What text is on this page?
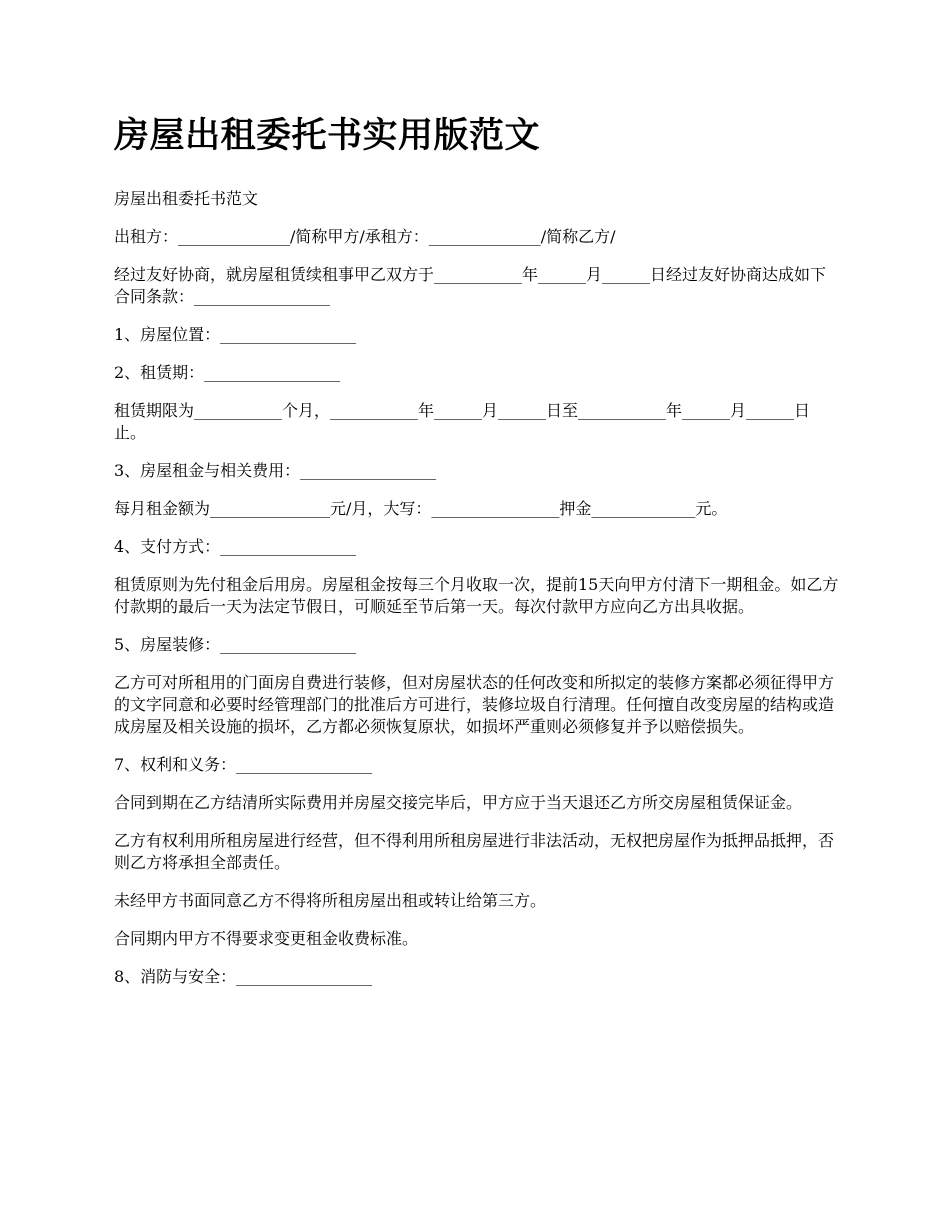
房屋出租委托书实用版范文

房屋出租委托书范文

出租方：______________/简称甲方/承租方：______________/简称乙方/

经过友好协商，就房屋租赁续租事甲乙双方于___________年______月______日经过友好协商达成如下合同条款：_________________

1、房屋位置：_________________

2、租赁期：_________________

租赁期限为___________个月，___________年______月______日至___________年______月______日止。

3、房屋租金与相关费用：_________________

每月租金额为_______________元/月，大写：________________押金_____________元。

4、支付方式：_________________

租赁原则为先付租金后用房。房屋租金按每三个月收取一次，提前15天向甲方付清下一期租金。如乙方付款期的最后一天为法定节假日，可顺延至节后第一天。每次付款甲方应向乙方出具收据。

5、房屋装修：_________________

乙方可对所租用的门面房自费进行装修，但对房屋状态的任何改变和所拟定的装修方案都必须征得甲方的文字同意和必要时经管理部门的批准后方可进行，装修垃圾自行清理。任何擅自改变房屋的结构或造成房屋及相关设施的损坏，乙方都必须恢复原状，如损坏严重则必须修复并予以赔偿损失。

7、权利和义务：_________________

合同到期在乙方结清所实际费用并房屋交接完毕后，甲方应于当天退还乙方所交房屋租赁保证金。

乙方有权利用所租房屋进行经营，但不得利用所租房屋进行非法活动，无权把房屋作为抵押品抵押，否则乙方将承担全部责任。

未经甲方书面同意乙方不得将所租房屋出租或转让给第三方。

合同期内甲方不得要求变更租金收费标准。

8、消防与安全：_________________
